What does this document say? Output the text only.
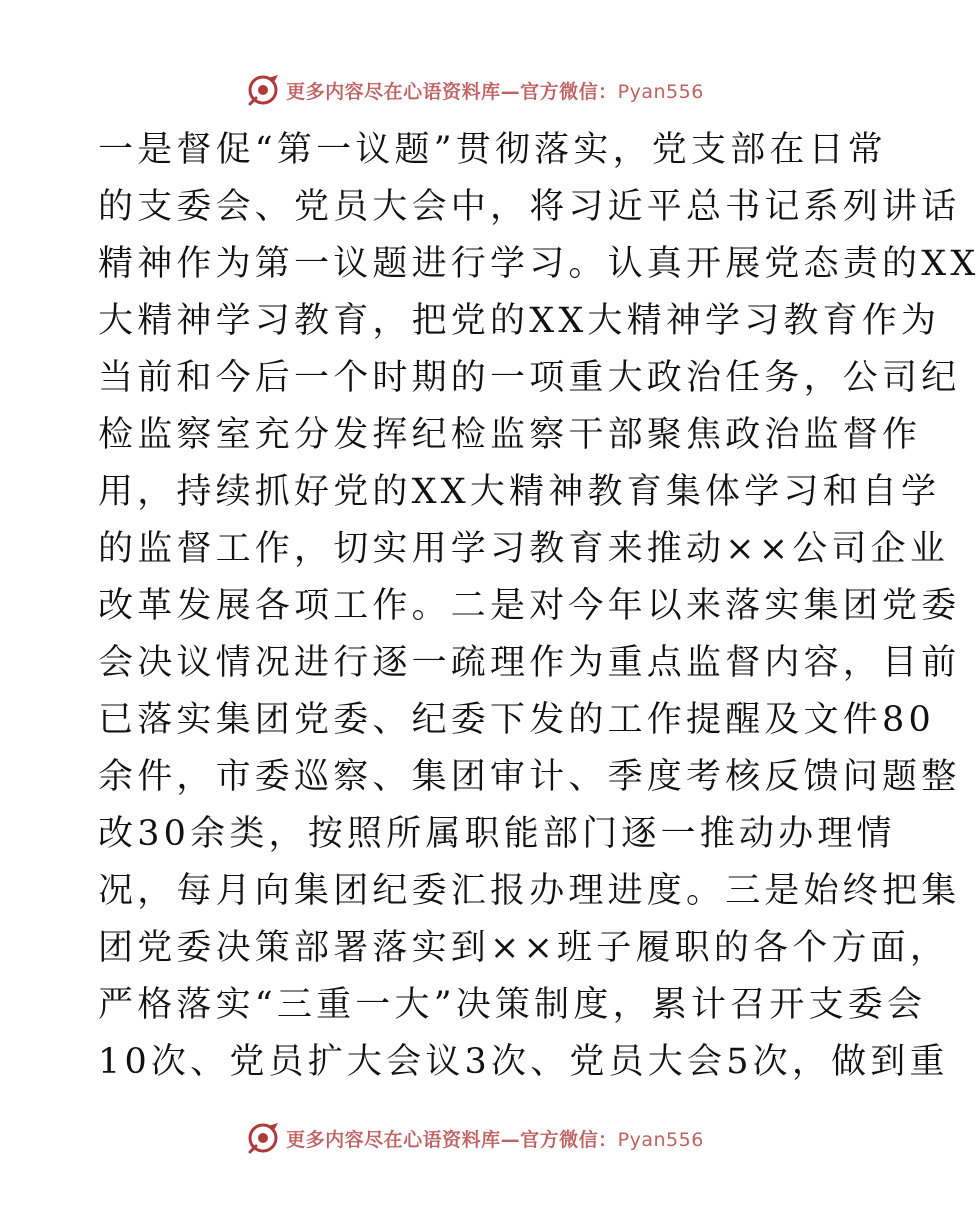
更多内容尽在心语资料库—官方微信：Pyan556
一是督促“第一议题”贯彻落实，党支部在日常
的支委会、党员大会中，将习近平总书记系列讲话
精神作为第一议题进行学习。认真开展党态责的XX
大精神学习教育，把党的XX大精神学习教育作为
当前和今后一个时期的一项重大政治任务，公司纪
检监察室充分发挥纪检监察干部聚焦政治监督作
用，持续抓好党的XX大精神教育集体学习和自学
的监督工作，切实用学习教育来推动××公司企业
改革发展各项工作。二是对今年以来落实集团党委
会决议情况进行逐一疏理作为重点监督内容，目前
已落实集团党委、纪委下发的工作提醒及文件80
余件，市委巡察、集团审计、季度考核反馈问题整
改30余类，按照所属职能部门逐一推动办理情
况，每月向集团纪委汇报办理进度。三是始终把集
团党委决策部署落实到××班子履职的各个方面，
严格落实“三重一大”决策制度，累计召开支委会
10次、党员扩大会议3次、党员大会5次，做到重
更多内容尽在心语资料库—官方微信：Pyan556
